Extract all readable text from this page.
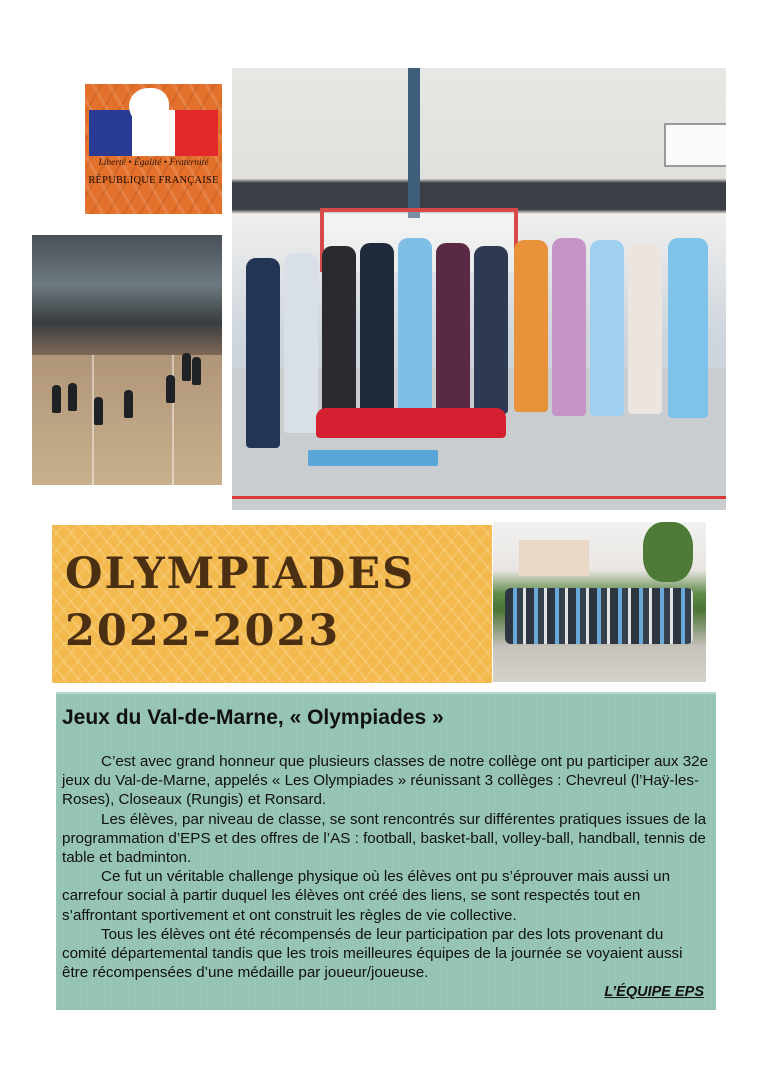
Liberté • Égalité • Fraternité
RÉPUBLIQUE FRANÇAISE
OLYMPIADES
2022-2023
Jeux du Val-de-Marne, « Olympiades »

C’est avec grand honneur que plusieurs classes de notre collège ont pu participer aux 32e jeux du Val-de-Marne, appelés « Les Olympiades » réunissant 3 collèges : Chevreul (l’Haÿ-les-Roses), Closeaux (Rungis) et Ronsard.

Les élèves, par niveau de classe, se sont rencontrés sur différentes pratiques issues de la programmation d’EPS et des offres de l’AS : football, basket-ball, volley-ball, handball, tennis de table et badminton.

Ce fut un véritable challenge physique où les élèves ont pu s’éprouver mais aussi un carrefour social à partir duquel les élèves ont créé des liens, se sont respectés tout en s’affrontant sportivement et ont construit les règles de vie collective.

Tous les élèves ont été récompensés de leur participation par des lots provenant du comité départemental tandis que les trois meilleures équipes de la journée se voyaient aussi être récompensées d’une médaille par joueur/joueuse.

L’ÉQUIPE EPS
